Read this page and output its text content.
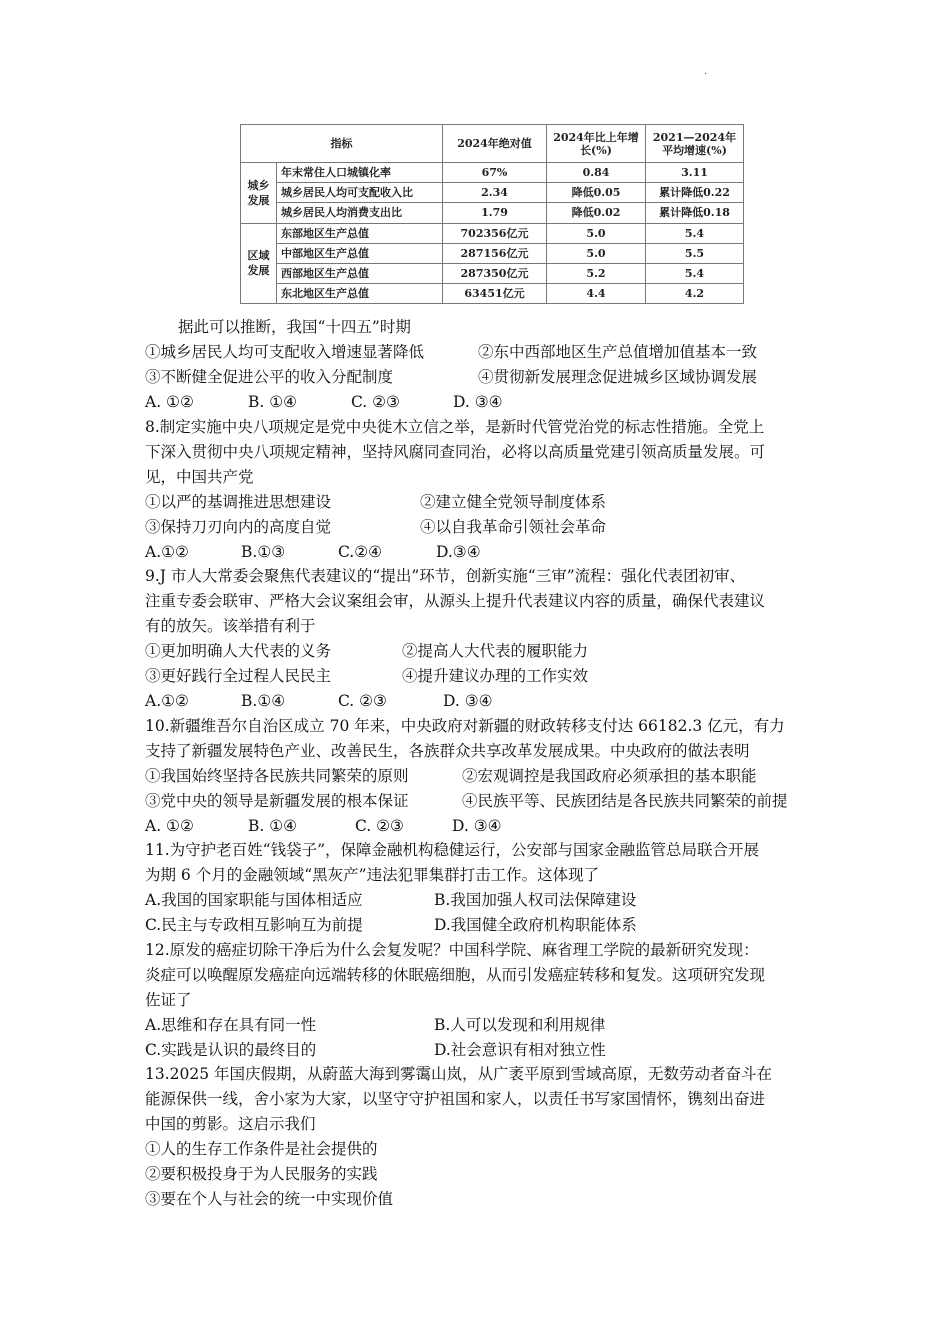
.
指标		2024年绝对值	2024年比上年增长(%)	2021—2024年平均增速(%)
城乡发展	年末常住人口城镇化率	67%	0.84	3.11
	城乡居民人均可支配收入比	2.34	降低0.05	累计降低0.22
	城乡居民人均消费支出比	1.79	降低0.02	累计降低0.18
区域发展	东部地区生产总值	702356亿元	5.0	5.4
	中部地区生产总值	287156亿元	5.0	5.5
	西部地区生产总值	287350亿元	5.2	5.4
	东北地区生产总值	63451亿元	4.4	4.2
据此可以推断，我国“十四五”时期
①城乡居民人均可支配收入增速显著降低	②东中西部地区生产总值增加值基本一致
③不断健全促进公平的收入分配制度	④贯彻新发展理念促进城乡区域协调发展
A. ①②	B. ①④	C. ②③	D. ③④
8.制定实施中央八项规定是党中央徙木立信之举，是新时代管党治党的标志性措施。全党上
下深入贯彻中央八项规定精神，坚持风腐同查同治，必将以高质量党建引领高质量发展。可
见，中国共产党
①以严的基调推进思想建设	②建立健全党领导制度体系
③保持刀刃向内的高度自觉	④以自我革命引领社会革命
A.①②	B.①③	C.②④	D.③④
9.J 市人大常委会聚焦代表建议的“提出”环节，创新实施“三审”流程：强化代表团初审、
注重专委会联审、严格大会议案组会审，从源头上提升代表建议内容的质量，确保代表建议
有的放矢。该举措有利于
①更加明确人大代表的义务	②提高人大代表的履职能力
③更好践行全过程人民民主	④提升建议办理的工作实效
A.①②	B.①④	C. ②③	D. ③④
10.新疆维吾尔自治区成立 70 年来，中央政府对新疆的财政转移支付达 66182.3 亿元，有力
支持了新疆发展特色产业、改善民生，各族群众共享改革发展成果。中央政府的做法表明
①我国始终坚持各民族共同繁荣的原则	②宏观调控是我国政府必须承担的基本职能
③党中央的领导是新疆发展的根本保证	④民族平等、民族团结是各民族共同繁荣的前提
A. ①②	B. ①④	C. ②③	D. ③④
11.为守护老百姓“钱袋子”，保障金融机构稳健运行，公安部与国家金融监管总局联合开展
为期 6 个月的金融领域“黑灰产”违法犯罪集群打击工作。这体现了
A.我国的国家职能与国体相适应	B.我国加强人权司法保障建设
C.民主与专政相互影响互为前提	D.我国健全政府机构职能体系
12.原发的癌症切除干净后为什么会复发呢？中国科学院、麻省理工学院的最新研究发现：
炎症可以唤醒原发癌症向远端转移的休眠癌细胞，从而引发癌症转移和复发。这项研究发现
佐证了
A.思维和存在具有同一性	B.人可以发现和利用规律
C.实践是认识的最终目的	D.社会意识有相对独立性
13.2025 年国庆假期，从蔚蓝大海到雾霭山岚，从广袤平原到雪域高原，无数劳动者奋斗在
能源保供一线，舍小家为大家，以坚守守护祖国和家人，以责任书写家国情怀，镌刻出奋进
中国的剪影。这启示我们
①人的生存工作条件是社会提供的
②要积极投身于为人民服务的实践
③要在个人与社会的统一中实现价值
